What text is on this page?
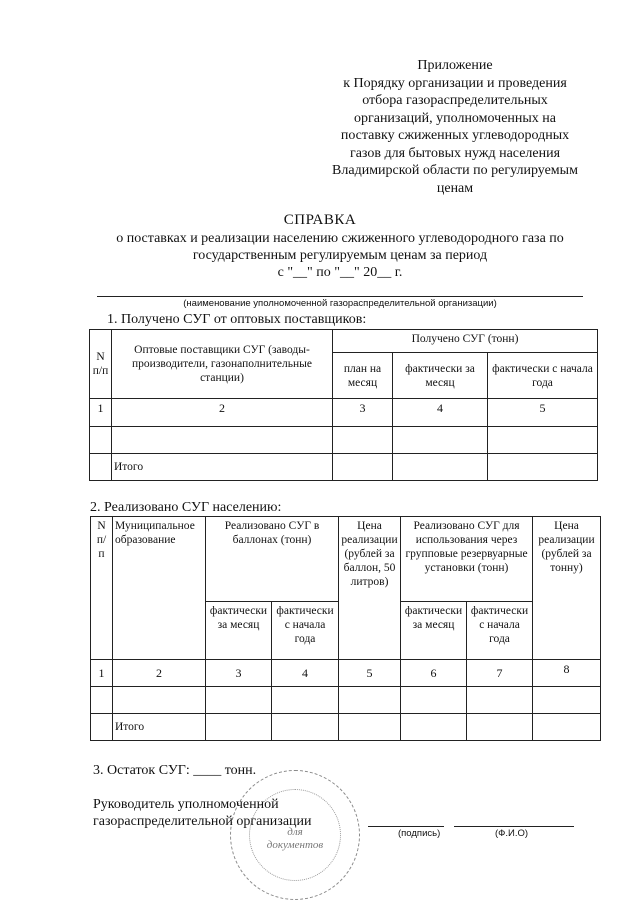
Приложение
к Порядку организации и проведения
отбора газораспределительных
организаций, уполномоченных на
поставку сжиженных углеводородных
газов для бытовых нужд населения
Владимирской области по регулируемым
ценам
СПРАВКА
о поставках и реализации населению сжиженного углеводородного газа по
государственным регулируемым ценам за период
с "__" по "__" 20__ г.
(наименование уполномоченной газораспределительной организации)
1. Получено СУГ от оптовых поставщиков:
N п/п	Оптовые поставщики СУГ (заводы-производители, газонаполнительные станции)	Получено СУГ (тонн)		
		план на месяц	фактически за месяц	фактически с начала года
1	2	3	4	5

	Итого			
2. Реализовано СУГ населению:
N п/ п	Муниципальное образование	Реализовано СУГ в баллонах (тонн)		Цена реализации (рублей за баллон, 50 литров)	Реализовано СУГ для использования через групповые резервуарные установки (тонн)		Цена реализации (рублей за тонну)
		фактически за месяц	фактически с начала года		фактически за месяц	фактически с начала года	
1	2	3	4	5	6	7	8

	Итого						
3. Остаток СУГ: ____ тонн.
для
документов
Руководитель уполномоченной
газораспределительной организации
(подпись)	(Ф.И.О)
